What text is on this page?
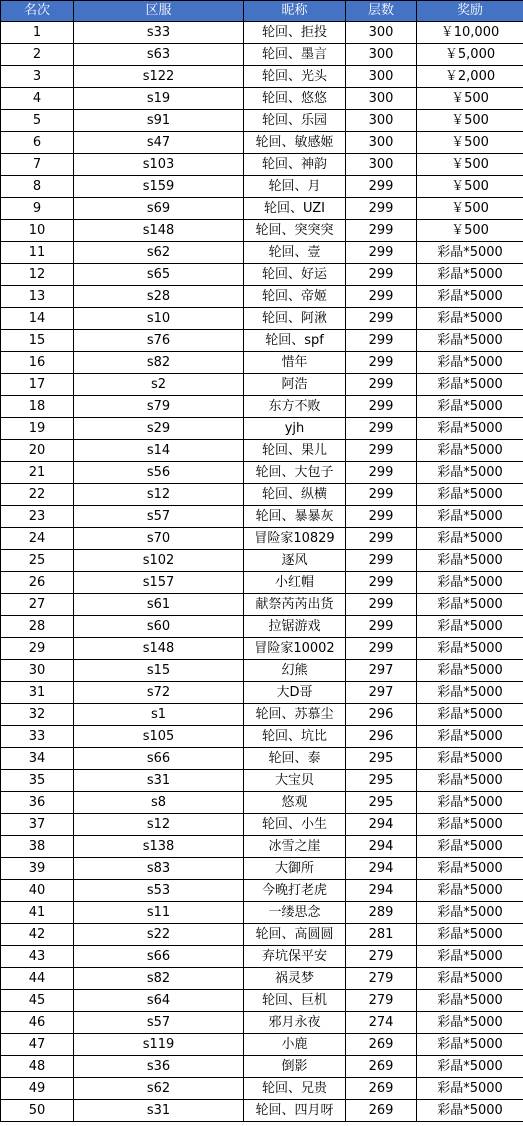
名次	区服	昵称	层数	奖励
1	s33	轮回、拒投	300	￥10,000
2	s63	轮回、墨言	300	￥5,000
3	s122	轮回、光头	300	￥2,000
4	s19	轮回、悠悠	300	￥500
5	s91	轮回、乐园	300	￥500
6	s47	轮回、敏感姬	300	￥500
7	s103	轮回、神韵	300	￥500
8	s159	轮回、月	299	￥500
9	s69	轮回、UZI	299	￥500
10	s148	轮回、突突突	299	￥500
11	s62	轮回、壹	299	彩晶*5000
12	s65	轮回、好运	299	彩晶*5000
13	s28	轮回、帝姬	299	彩晶*5000
14	s10	轮回、阿湫	299	彩晶*5000
15	s76	轮回、spf	299	彩晶*5000
16	s82	惜年	299	彩晶*5000
17	s2	阿浩	299	彩晶*5000
18	s79	东方不败	299	彩晶*5000
19	s29	yjh	299	彩晶*5000
20	s14	轮回、果儿	299	彩晶*5000
21	s56	轮回、大包子	299	彩晶*5000
22	s12	轮回、纵横	299	彩晶*5000
23	s57	轮回、暴暴灰	299	彩晶*5000
24	s70	冒险家10829	299	彩晶*5000
25	s102	逐风	299	彩晶*5000
26	s157	小红帽	299	彩晶*5000
27	s61	献祭芮芮出货	299	彩晶*5000
28	s60	拉锯游戏	299	彩晶*5000
29	s148	冒险家10002	299	彩晶*5000
30	s15	幻熊	297	彩晶*5000
31	s72	大D哥	297	彩晶*5000
32	s1	轮回、苏慕尘	296	彩晶*5000
33	s105	轮回、坑比	296	彩晶*5000
34	s66	轮回、泰	295	彩晶*5000
35	s31	大宝贝	295	彩晶*5000
36	s8	悠观	295	彩晶*5000
37	s12	轮回、小生	294	彩晶*5000
38	s138	冰雪之崖	294	彩晶*5000
39	s83	大御所	294	彩晶*5000
40	s53	今晚打老虎	294	彩晶*5000
41	s11	一缕思念	289	彩晶*5000
42	s22	轮回、高圆圆	281	彩晶*5000
43	s66	弃坑保平安	279	彩晶*5000
44	s82	祸灵梦	279	彩晶*5000
45	s64	轮回、巨机	279	彩晶*5000
46	s57	邪月永夜	274	彩晶*5000
47	s119	小鹿	269	彩晶*5000
48	s36	倒影	269	彩晶*5000
49	s62	轮回、兄贵	269	彩晶*5000
50	s31	轮回、四月呀	269	彩晶*5000
